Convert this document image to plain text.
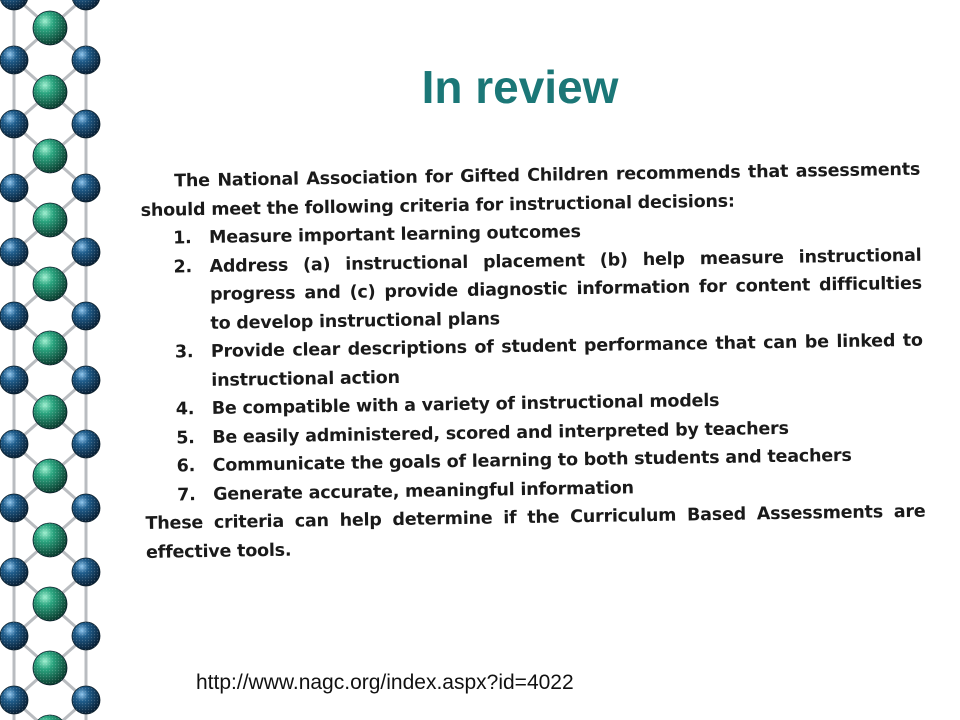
In review

The National Association for Gifted Children recommends that assessments should meet the following criteria for instructional decisions:

1. Measure important learning outcomes
2. Address (a) instructional placement (b) help measure instructional progress and (c) provide diagnostic information for content difficulties to develop instructional plans
3. Provide clear descriptions of student performance that can be linked to instructional action
4. Be compatible with a variety of instructional models
5. Be easily administered, scored and interpreted by teachers
6. Communicate the goals of learning to both students and teachers
7. Generate accurate, meaningful information

These criteria can help determine if the Curriculum Based Assessments are effective tools.

http://www.nagc.org/index.aspx?id=4022
